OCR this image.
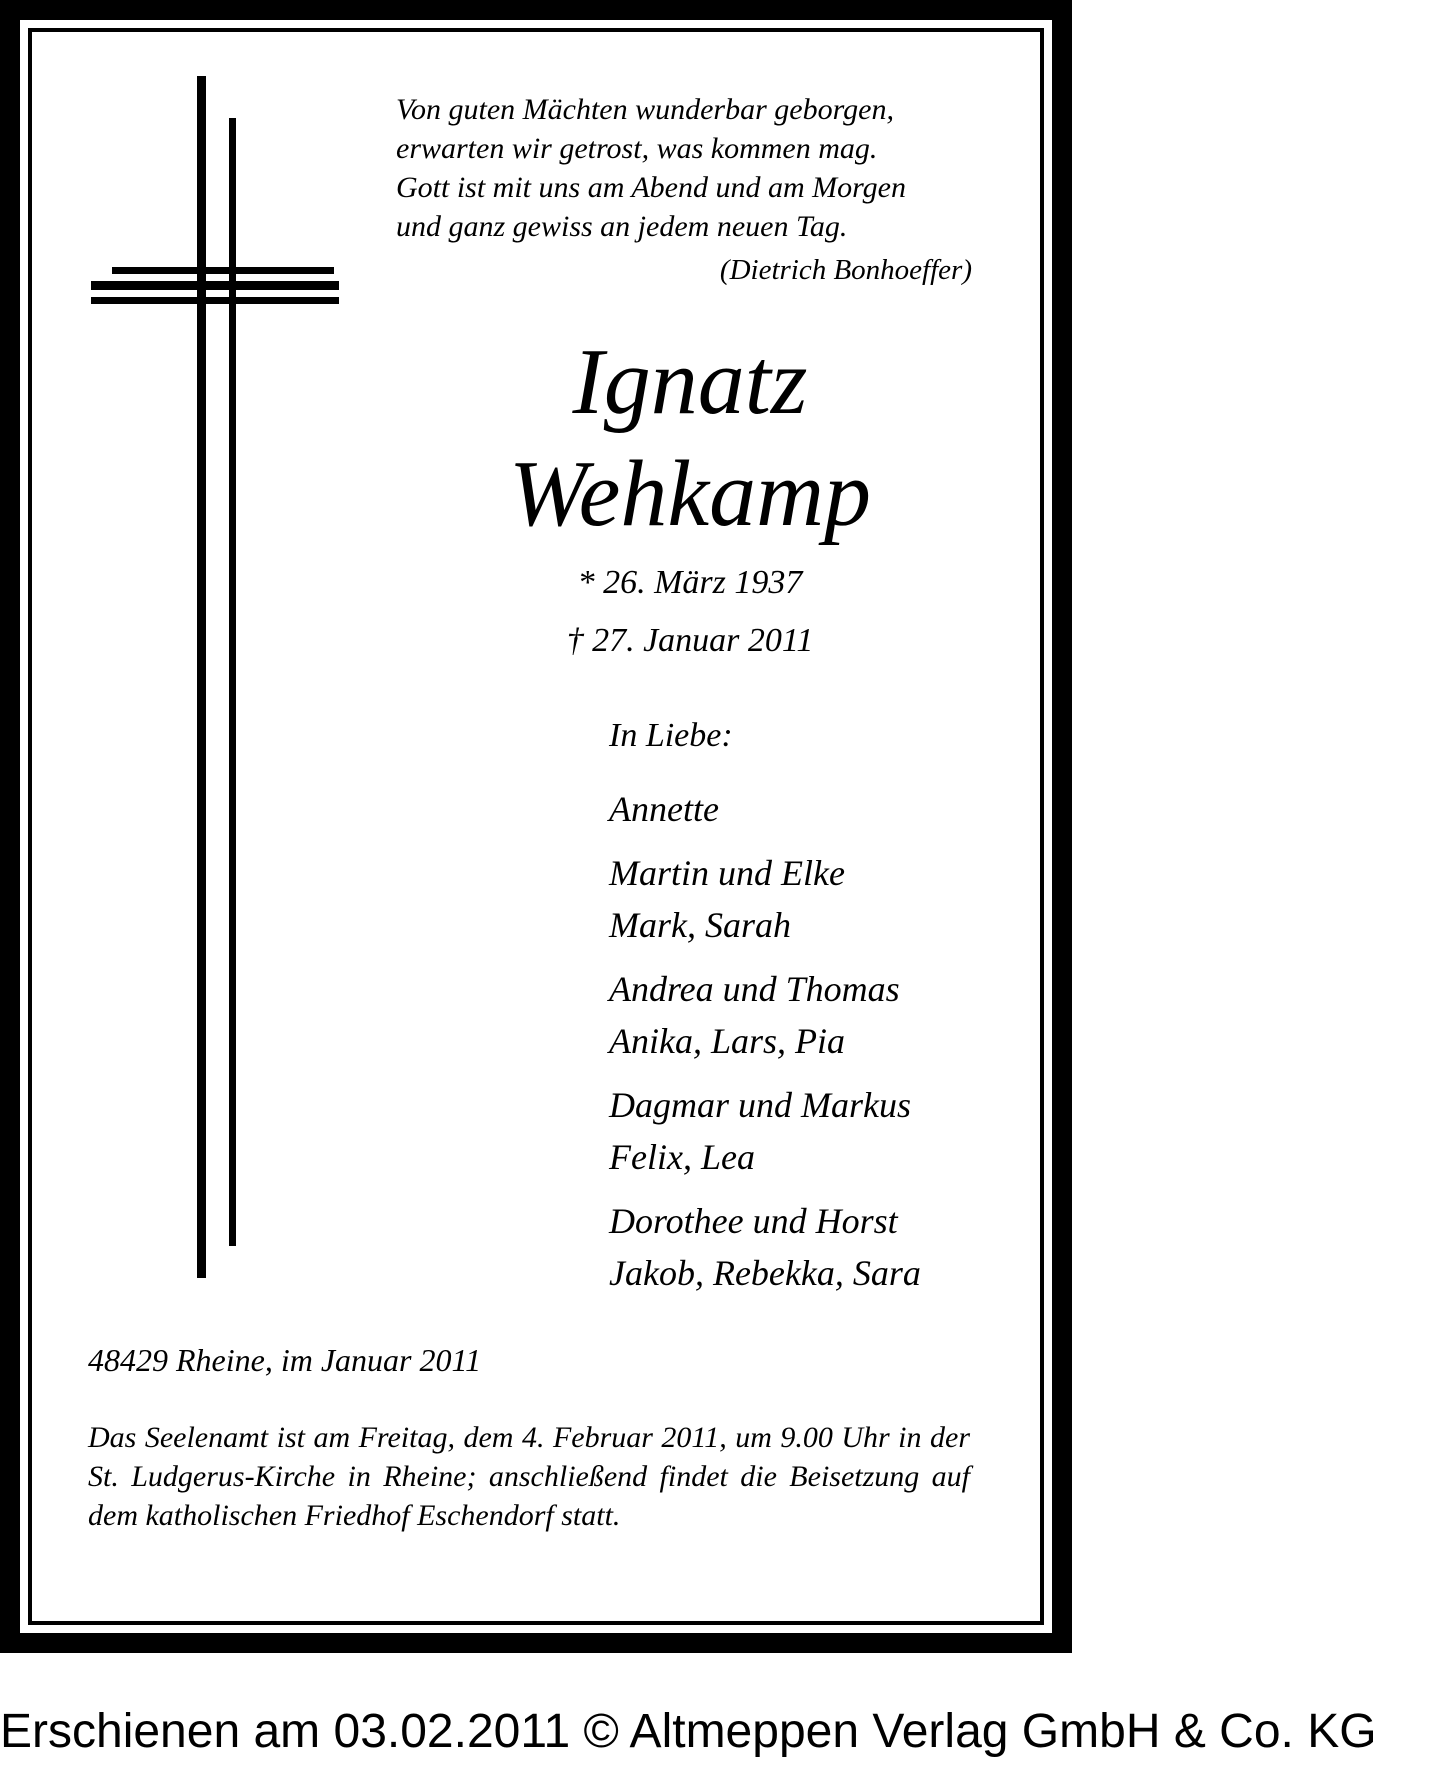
Von guten Mächten wunderbar geborgen,
erwarten wir getrost, was kommen mag.
Gott ist mit uns am Abend und am Morgen
und ganz gewiss an jedem neuen Tag.
(Dietrich Bonhoeffer)
Ignatz
Wehkamp
* 26. März 1937
† 27. Januar 2011
In Liebe:
Annette
Martin und Elke
Mark, Sarah
Andrea und Thomas
Anika, Lars, Pia
Dagmar und Markus
Felix, Lea
Dorothee und Horst
Jakob, Rebekka, Sara
48429 Rheine, im Januar 2011
Das Seelenamt ist am Freitag, dem 4. Februar 2011, um 9.00 Uhr in der St. Ludgerus-Kirche in Rheine; anschließend findet die Beisetzung auf dem katholischen Friedhof Eschendorf statt.
Erschienen am 03.02.2011 © Altmeppen Verlag GmbH & Co. KG
